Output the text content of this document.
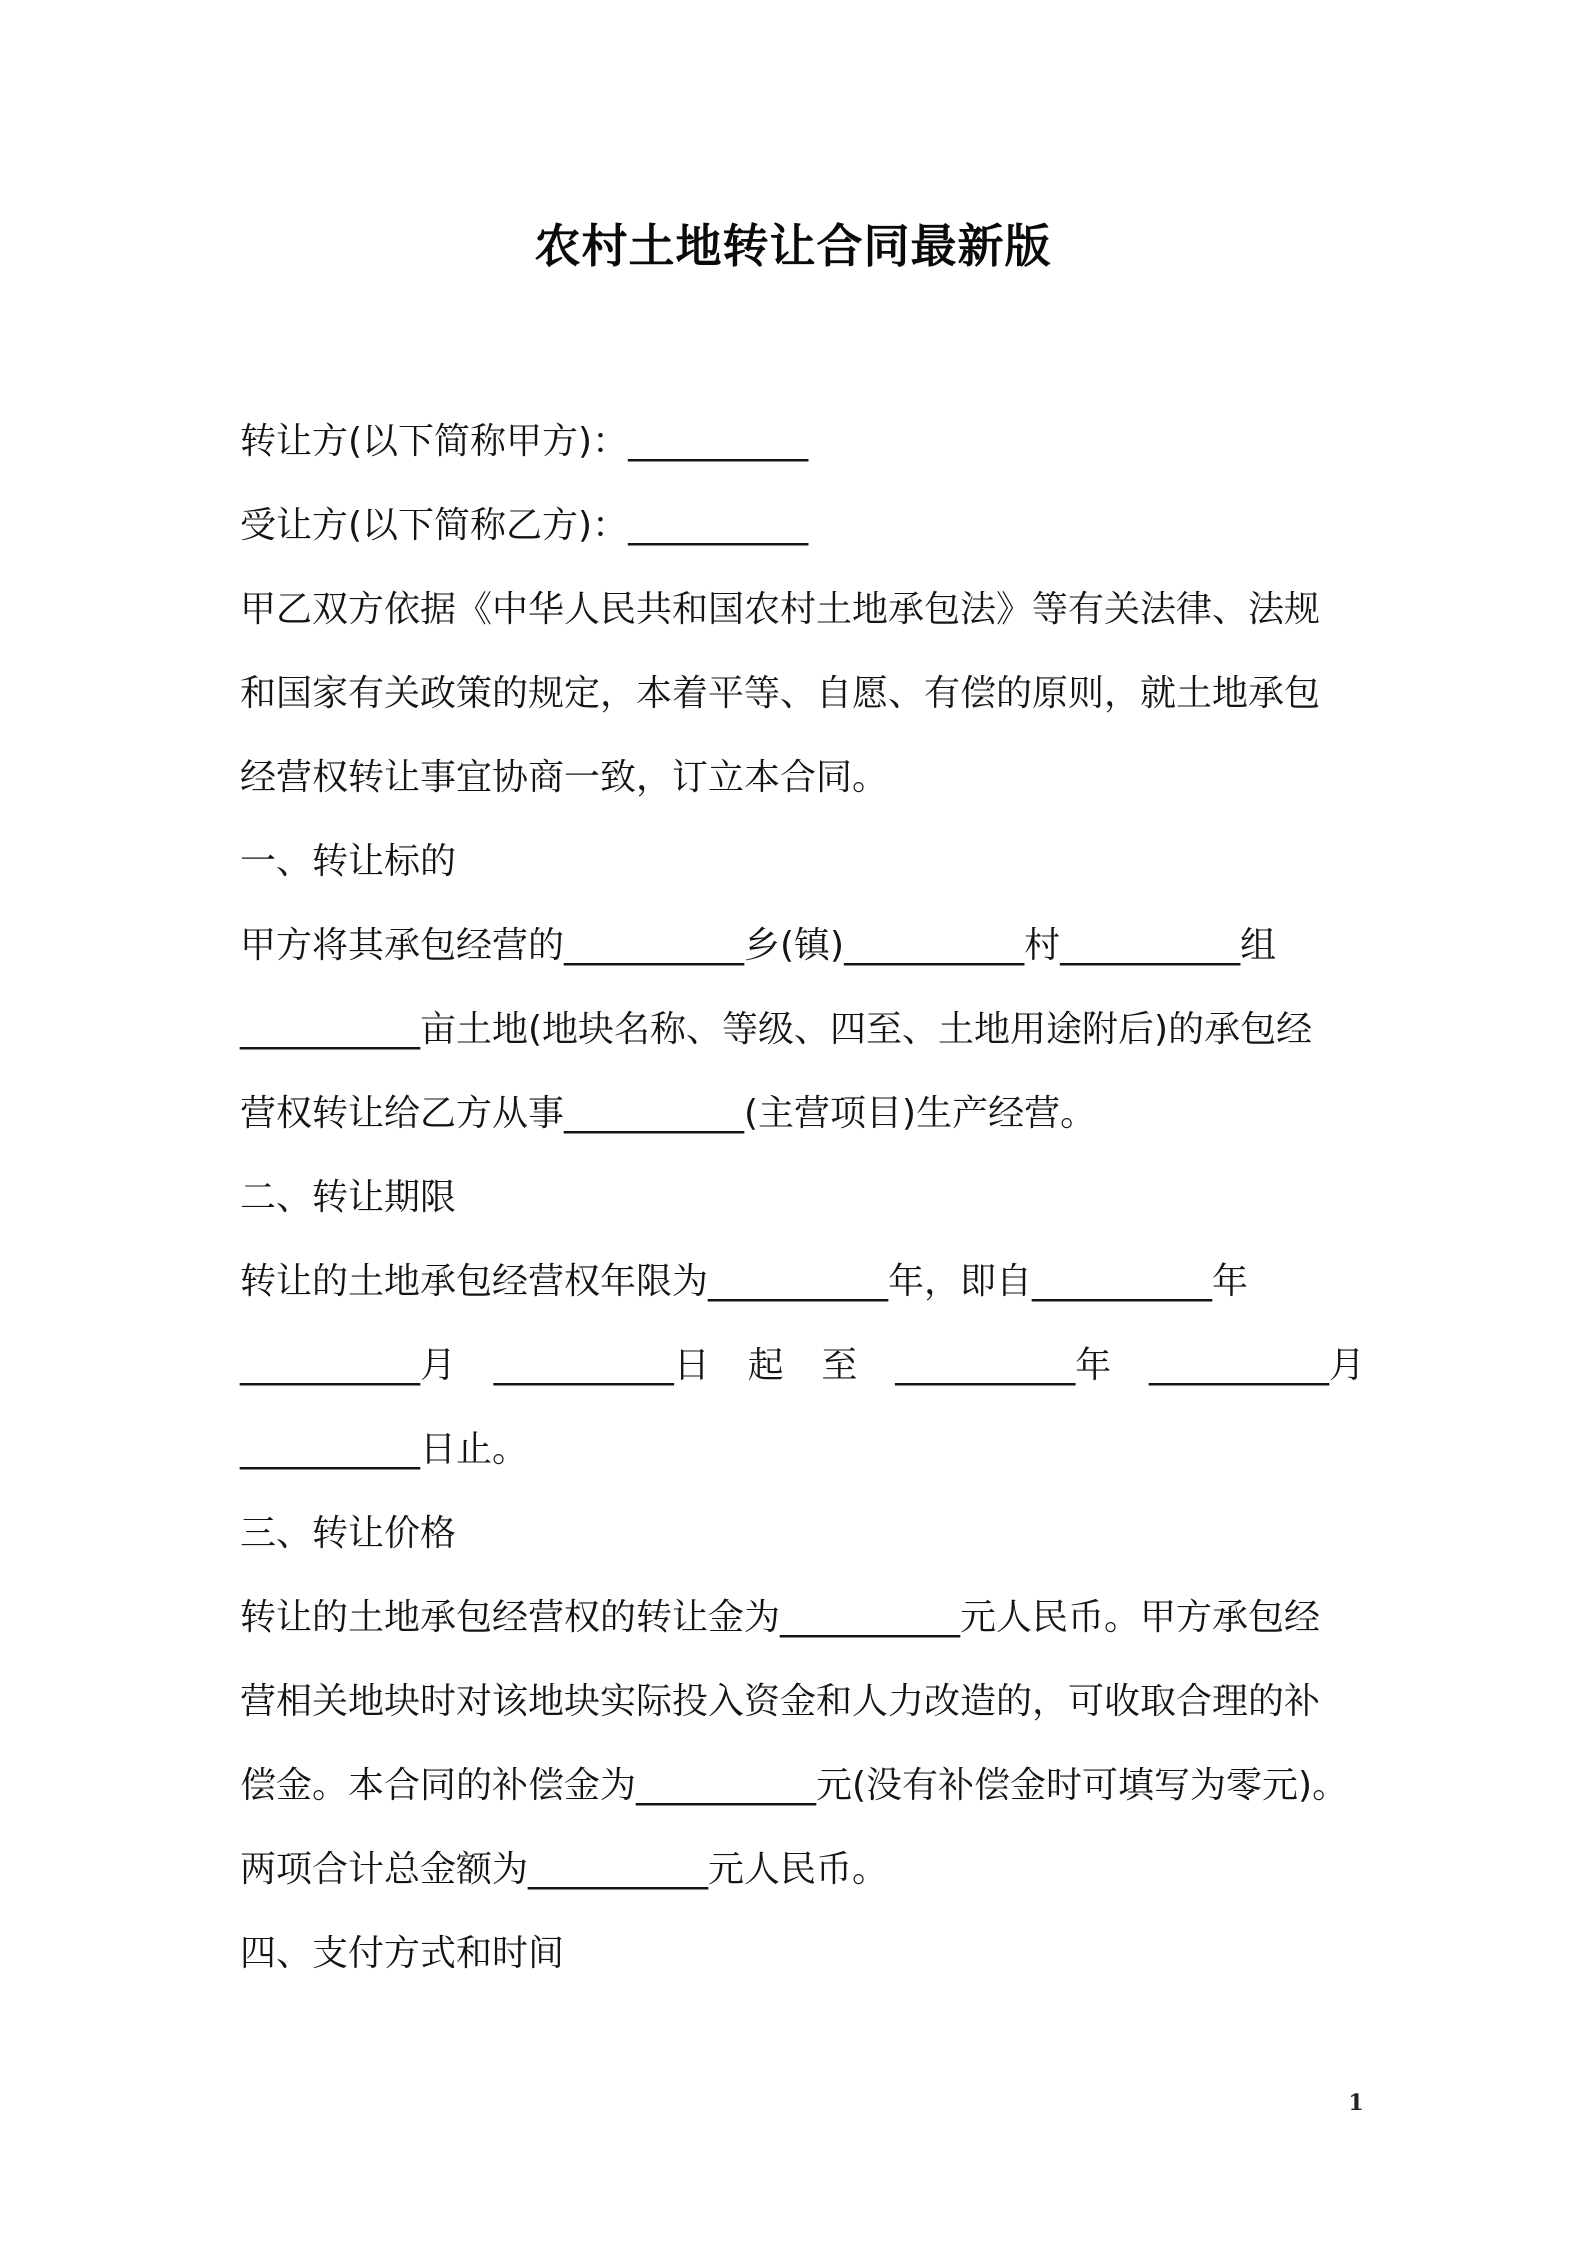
农村土地转让合同最新版
转让方(以下简称甲方)：__________
受让方(以下简称乙方)：__________
甲乙双方依据《中华人民共和国农村土地承包法》等有关法律、法规
和国家有关政策的规定，本着平等、自愿、有偿的原则，就土地承包
经营权转让事宜协商一致，订立本合同。
一、转让标的
甲方将其承包经营的__________乡(镇)__________村__________组
__________亩土地(地块名称、等级、四至、土地用途附后)的承包经
营权转让给乙方从事__________(主营项目)生产经营。
二、转让期限
转让的土地承包经营权年限为__________年，即自__________年
__________月 __________日 起 至 __________年 __________月
__________日止。
三、转让价格
转让的土地承包经营权的转让金为__________元人民币。甲方承包经
营相关地块时对该地块实际投入资金和人力改造的，可收取合理的补
偿金。本合同的补偿金为__________元(没有补偿金时可填写为零元)。
两项合计总金额为__________元人民币。
四、支付方式和时间
1
